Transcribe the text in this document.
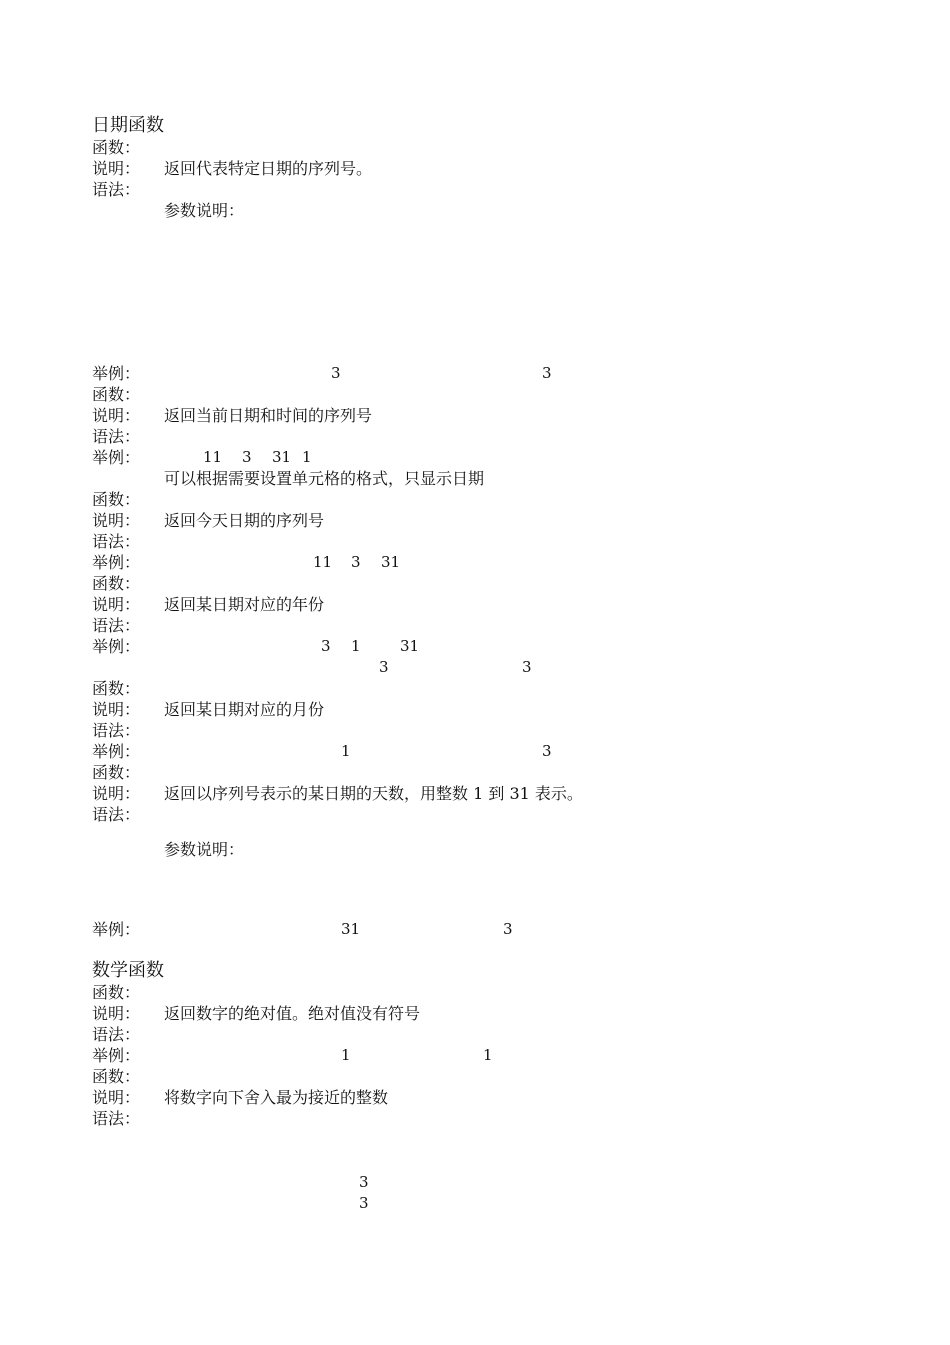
日期函数
函数：
说明： 返回代表特定日期的序列号。
语法：
参数说明：
举例：	3	3
函数：
说明： 返回当前日期和时间的序列号
语法：
举例：	11 3 31 1
可以根据需要设置单元格的格式，只显示日期
函数：
说明： 返回今天日期的序列号
语法：
举例：	11 3 31
函数：
说明： 返回某日期对应的年份
语法：
举例：	3 1	31
3	3
函数：
说明： 返回某日期对应的月份
语法：
举例：	1	3
函数：
说明： 返回以序列号表示的某日期的天数，用整数 1 到 31 表示。
语法：
参数说明：
举例：	31	3
数学函数
函数：
说明： 返回数字的绝对值。绝对值没有符号
语法：
举例：	1	1
函数：
说明： 将数字向下舍入最为接近的整数
语法：
3
3
